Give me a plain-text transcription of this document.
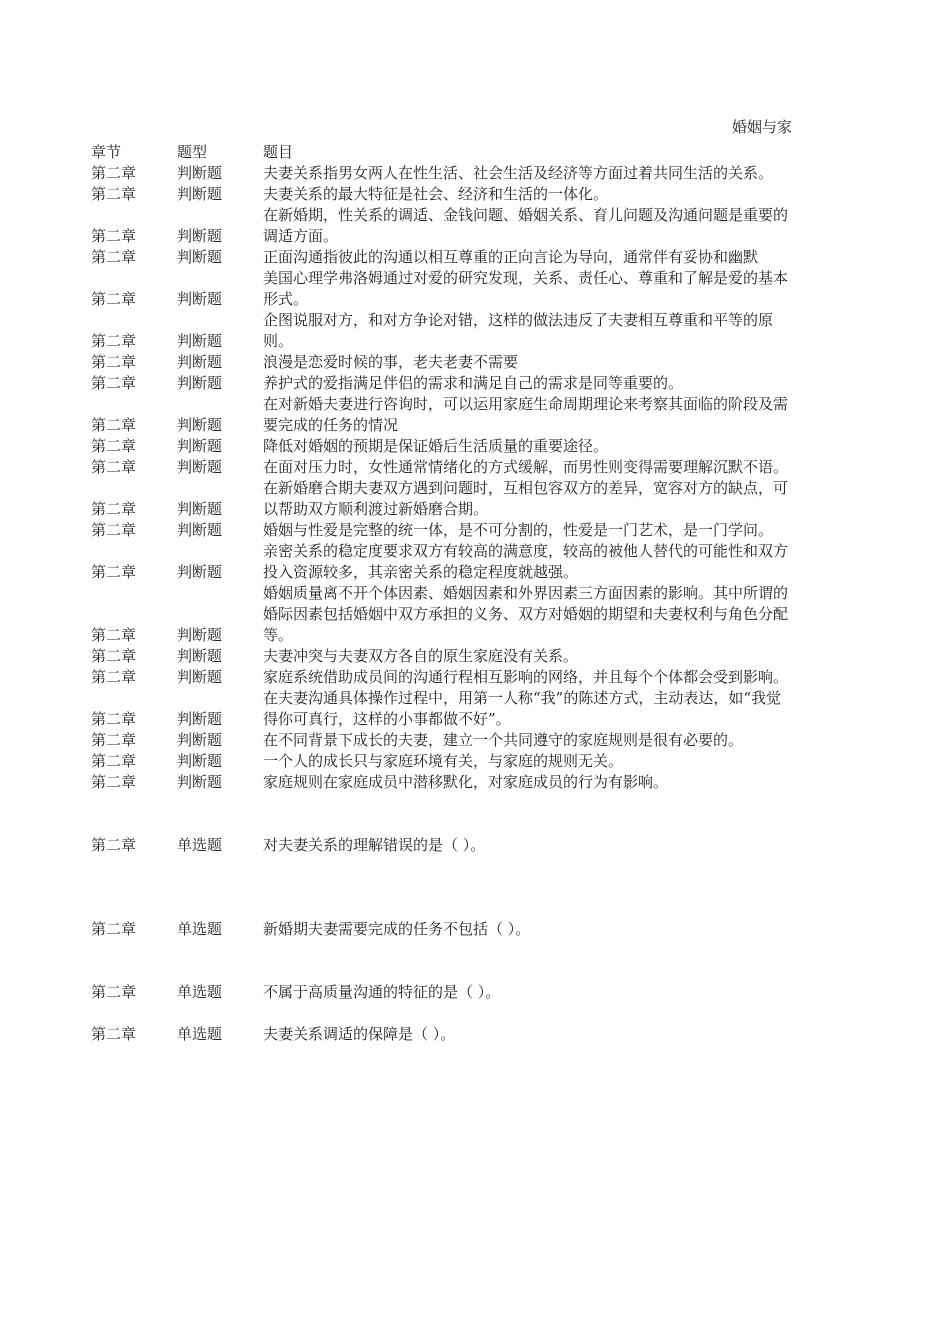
婚姻与家
章节	题型	题目
第二章	判断题	夫妻关系指男女两人在性生活、社会生活及经济等方面过着共同生活的关系。
第二章	判断题	夫妻关系的最大特征是社会、经济和生活的一体化。
第二章	判断题	在新婚期，性关系的调适、金钱问题、婚姻关系、育儿问题及沟通问题是重要的调适方面。
第二章	判断题	正面沟通指彼此的沟通以相互尊重的正向言论为导向，通常伴有妥协和幽默
第二章	判断题	美国心理学弗洛姆通过对爱的研究发现，关系、责任心、尊重和了解是爱的基本形式。
第二章	判断题	企图说服对方，和对方争论对错，这样的做法违反了夫妻相互尊重和平等的原则。
第二章	判断题	浪漫是恋爱时候的事，老夫老妻不需要
第二章	判断题	养护式的爱指满足伴侣的需求和满足自己的需求是同等重要的。
第二章	判断题	在对新婚夫妻进行咨询时，可以运用家庭生命周期理论来考察其面临的阶段及需要完成的任务的情况
第二章	判断题	降低对婚姻的预期是保证婚后生活质量的重要途径。
第二章	判断题	在面对压力时，女性通常情绪化的方式缓解，而男性则变得需要理解沉默不语。
第二章	判断题	在新婚磨合期夫妻双方遇到问题时，互相包容双方的差异，宽容对方的缺点，可以帮助双方顺利渡过新婚磨合期。
第二章	判断题	婚姻与性爱是完整的统一体，是不可分割的，性爱是一门艺术，是一门学问。
第二章	判断题	亲密关系的稳定度要求双方有较高的满意度，较高的被他人替代的可能性和双方投入资源较多，其亲密关系的稳定程度就越强。
第二章	判断题	婚姻质量离不开个体因素、婚姻因素和外界因素三方面因素的影响。其中所谓的婚际因素包括婚姻中双方承担的义务、双方对婚姻的期望和夫妻权利与角色分配等。
第二章	判断题	夫妻冲突与夫妻双方各自的原生家庭没有关系。
第二章	判断题	家庭系统借助成员间的沟通行程相互影响的网络，并且每个个体都会受到影响。
第二章	判断题	在夫妻沟通具体操作过程中，用第一人称“我”的陈述方式，主动表达，如“我觉得你可真行，这样的小事都做不好”。
第二章	判断题	在不同背景下成长的夫妻，建立一个共同遵守的家庭规则是很有必要的。
第二章	判断题	一个人的成长只与家庭环境有关，与家庭的规则无关。
第二章	判断题	家庭规则在家庭成员中潜移默化，对家庭成员的行为有影响。

第二章	单选题	对夫妻关系的理解错误的是（ ）。

第二章	单选题	新婚期夫妻需要完成的任务不包括（ ）。

第二章	单选题	不属于高质量沟通的特征的是（ ）。

第二章	单选题	夫妻关系调适的保障是（ ）。
